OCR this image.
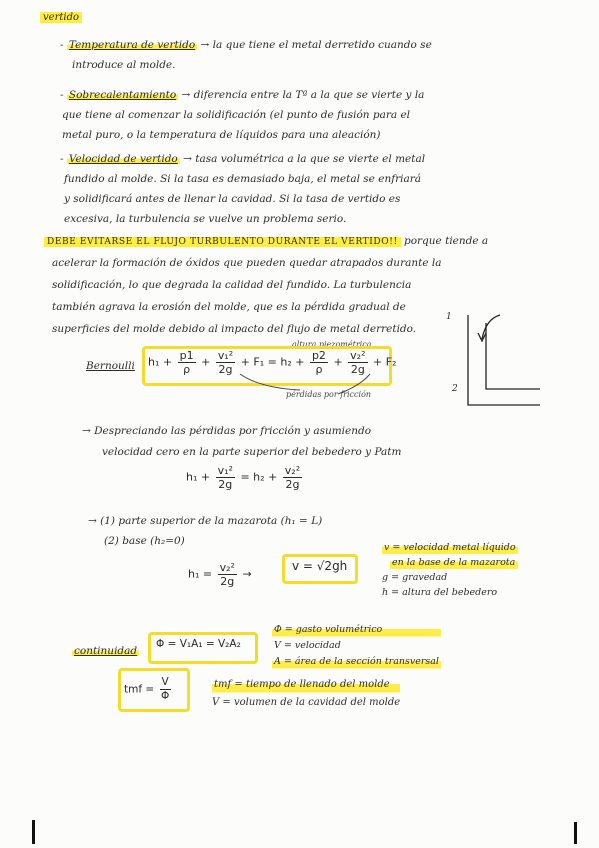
vertido
- Temperatura de vertido → la que tiene el metal derretido cuando se
introduce al molde.
- Sobrecalentamiento → diferencia entre la Tª a la que se vierte y la
que tiene al comenzar la solidificación (el punto de fusión para el
metal puro, o la temperatura de líquidos para una aleación)
- Velocidad de vertido → tasa volumétrica a la que se vierte el metal
fundido al molde. Si la tasa es demasiado baja, el metal se enfriará
y solidificará antes de llenar la cavidad. Si la tasa de vertido es
excesiva, la turbulencia se vuelve un problema serio.
DEBE EVITARSE EL FLUJO TURBULENTO DURANTE EL VERTIDO!! porque tiende a
acelerar la formación de óxidos que pueden quedar atrapados durante la
solidificación, lo que degrada la calidad del fundido. La turbulencia
también agrava la erosión del molde, que es la pérdida gradual de
superficies del molde debido al impacto del flujo de metal derretido.
altura piezométrica
Bernoulli $h_1 + \frac{p1}{\rho} + \frac{\text{v₁²}}{2g} + F_1 = h_2 + \frac{p2}{\rho} + \frac{\text{v₂²}}{2g} + F_2$
pérdidas por fricción
1
2
→ Despreciando las pérdidas por fricción y asumiendo
velocidad cero en la parte superior del bebedero y Patm
$h_1 + \frac{\text{v₁²}}{2g} = h_2 + \frac{\text{v₂²}}{2g}$
→ (1) parte superior de la mazarota (h₁ = L)
(2) base (h₂=0)
$h_1 = \frac{\text{v₂²}}{2g}$ →
v = √2gh
v = velocidad metal líquido
en la base de la mazarota
g = gravedad
h = altura del bebedero
continuidad
Φ = V₁A₁ = V₂A₂
Φ = gasto volumétrico
V = velocidad
A = área de la sección transversal
tmf = $\frac{V}{\Phi}$	tmf = tiempo de llenado del molde
V = volumen de la cavidad del molde
